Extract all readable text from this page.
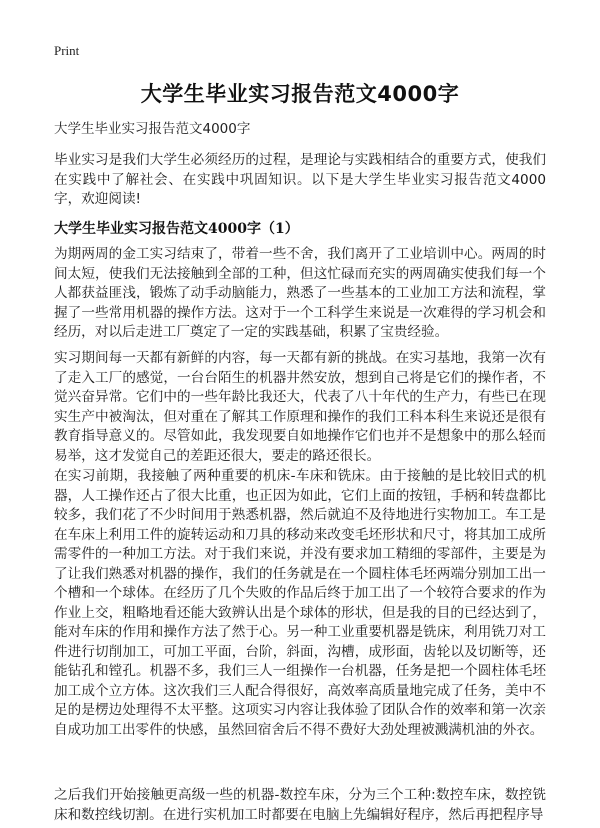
Print
大学生毕业实习报告范文4000字
大学生毕业实习报告范文4000字

毕业实习是我们大学生必须经历的过程，是理论与实践相结合的重要方式，使我们在实践中了解社会、在实践中巩固知识。以下是大学生毕业实习报告范文4000字，欢迎阅读!

大学生毕业实习报告范文4000字（1）

为期两周的金工实习结束了，带着一些不舍，我们离开了工业培训中心。两周的时间太短，使我们无法接触到全部的工种，但这忙碌而充实的两周确实使我们每一个人都获益匪浅，锻炼了动手动脑能力，熟悉了一些基本的工业加工方法和流程，掌握了一些常用机器的操作方法。这对于一个工科学生来说是一次难得的学习机会和经历，对以后走进工厂奠定了一定的实践基础，积累了宝贵经验。

实习期间每一天都有新鲜的内容，每一天都有新的挑战。在实习基地，我第一次有了走入工厂的感觉，一台台陌生的机器井然安放，想到自己将是它们的操作者，不觉兴奋异常。它们中的一些年龄比我还大，代表了八十年代的生产力，有些已在现实生产中被淘汰，但对重在了解其工作原理和操作的我们工科本科生来说还是很有教育指导意义的。尽管如此，我发现要自如地操作它们也并不是想象中的那么轻而易举，这才发觉自己的差距还很大，要走的路还很长。

在实习前期，我接触了两种重要的机床-车床和铣床。由于接触的是比较旧式的机器，人工操作还占了很大比重，也正因为如此，它们上面的按钮，手柄和转盘都比较多，我们花了不少时间用于熟悉机器，然后就迫不及待地进行实物加工。车工是在车床上利用工件的旋转运动和刀具的移动来改变毛坯形状和尺寸，将其加工成所需零件的一种加工方法。对于我们来说，并没有要求加工精细的零部件，主要是为了让我们熟悉对机器的操作，我们的任务就是在一个圆柱体毛坯两端分别加工出一个槽和一个球体。在经历了几个失败的作品后终于加工出了一个较符合要求的作为作业上交，粗略地看还能大致辨认出是个球体的形状，但是我的目的已经达到了，能对车床的作用和操作方法了然于心。另一种工业重要机器是铣床，利用铣刀对工件进行切削加工，可加工平面，台阶，斜面，沟槽，成形面，齿轮以及切断等，还能钻孔和镗孔。机器不多，我们三人一组操作一台机器，任务是把一个圆柱体毛坯加工成个立方体。这次我们三人配合得很好，高效率高质量地完成了任务，美中不足的是楞边处理得不太平整。这项实习内容让我体验了团队合作的效率和第一次亲自成功加工出零件的快感，虽然回宿舍后不得不费好大劲处理被溅满机油的外衣。

之后我们开始接触更高级一些的机器-数控车床，分为三个工种:数控车床，数控铣床和数控线切割。在进行实机加工时都要在电脑上先编辑好程序，然后再把程序导
